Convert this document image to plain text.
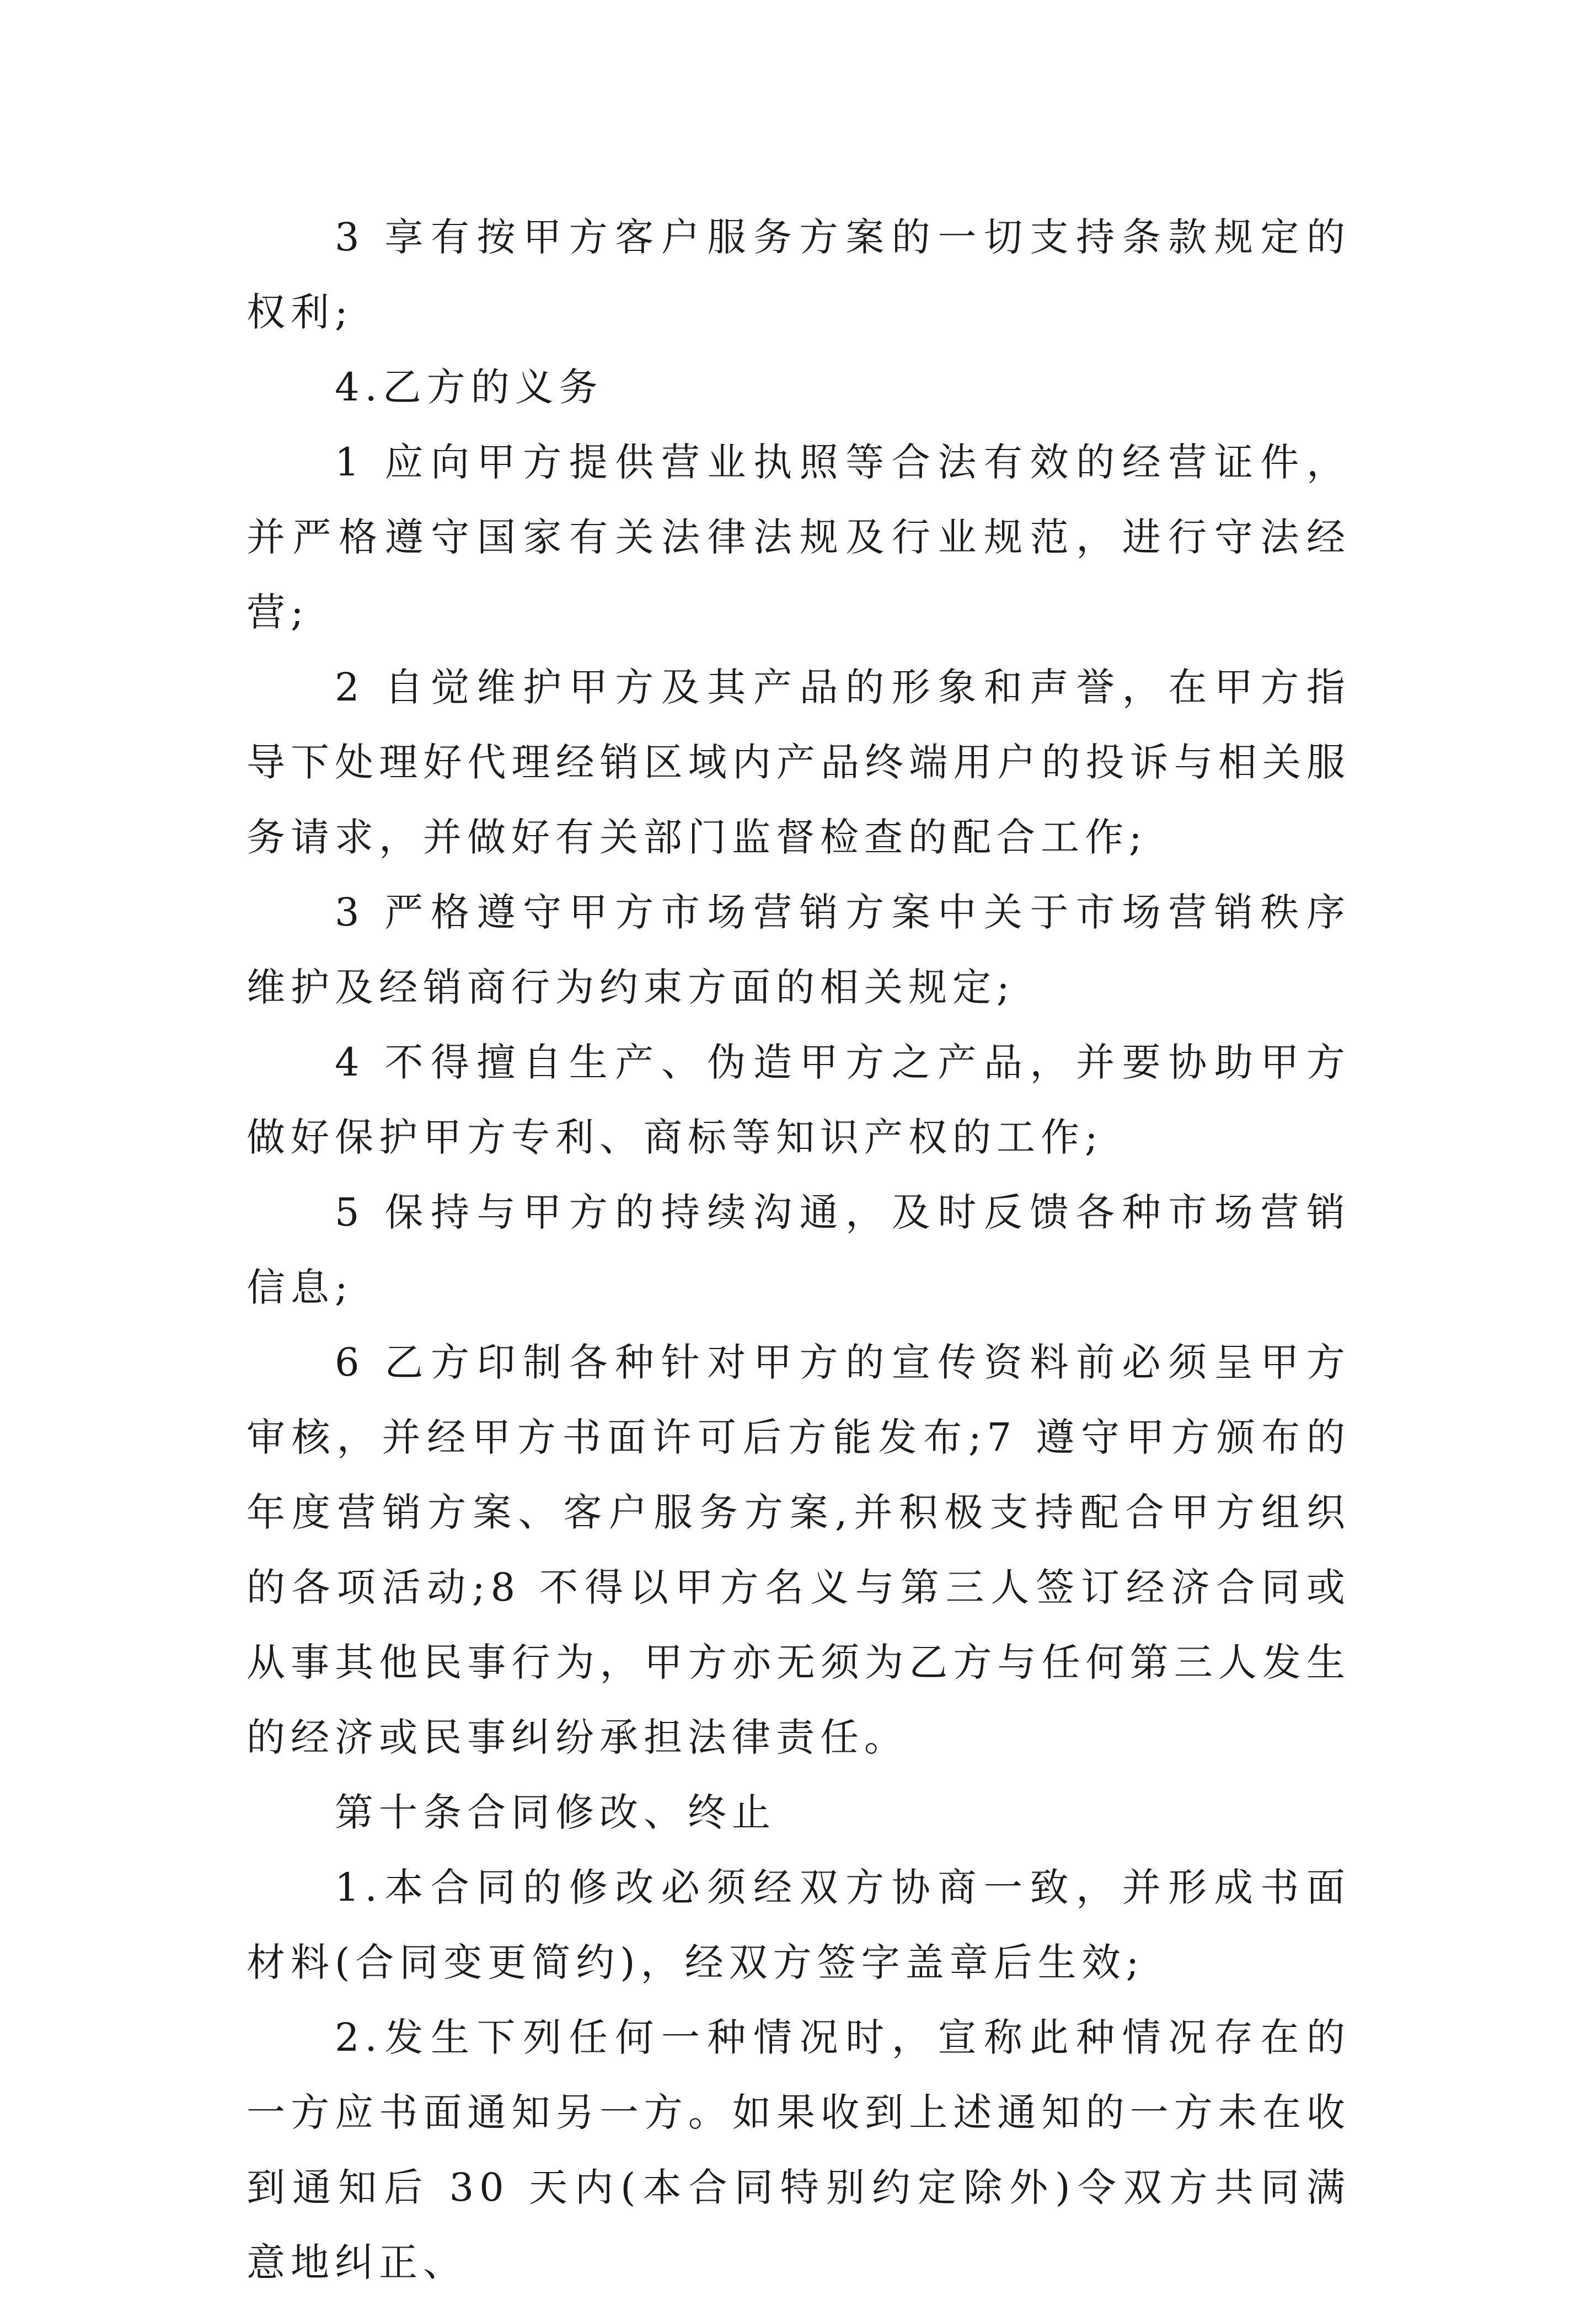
3 享有按甲方客户服务方案的一切支持条款规定的权利;

4.乙方的义务

1 应向甲方提供营业执照等合法有效的经营证件，并严格遵守国家有关法律法规及行业规范，进行守法经营;

2 自觉维护甲方及其产品的形象和声誉，在甲方指导下处理好代理经销区域内产品终端用户的投诉与相关服务请求，并做好有关部门监督检查的配合工作;

3 严格遵守甲方市场营销方案中关于市场营销秩序维护及经销商行为约束方面的相关规定;

4 不得擅自生产、伪造甲方之产品，并要协助甲方做好保护甲方专利、商标等知识产权的工作;

5 保持与甲方的持续沟通，及时反馈各种市场营销信息;

6 乙方印制各种针对甲方的宣传资料前必须呈甲方审核，并经甲方书面许可后方能发布;7 遵守甲方颁布的年度营销方案、客户服务方案,并积极支持配合甲方组织的各项活动;8 不得以甲方名义与第三人签订经济合同或从事其他民事行为，甲方亦无须为乙方与任何第三人发生的经济或民事纠纷承担法律责任。

第十条合同修改、终止

1.本合同的修改必须经双方协商一致，并形成书面材料(合同变更简约)，经双方签字盖章后生效;

2.发生下列任何一种情况时，宣称此种情况存在的一方应书面通知另一方。如果收到上述通知的一方未在收到通知后 30 天内(本合同特别约定除外)令双方共同满意地纠正、
